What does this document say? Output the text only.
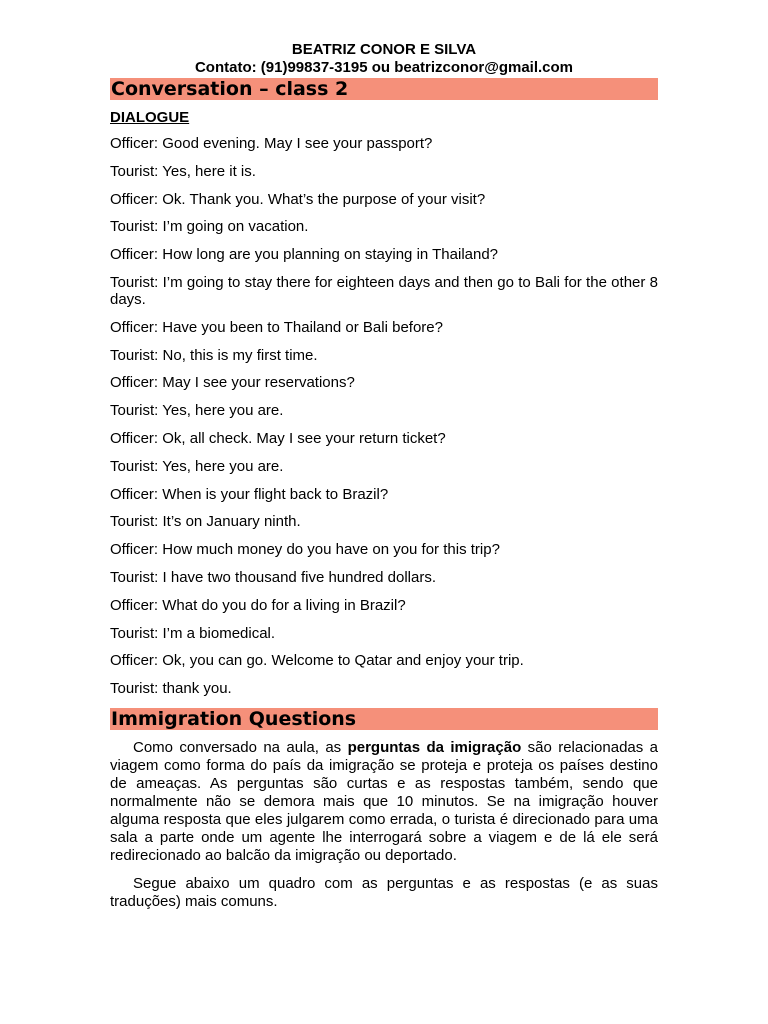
BEATRIZ CONOR E SILVA
Contato: (91)99837-3195 ou beatrizconor@gmail.com
Conversation – class 2
DIALOGUE
Officer: Good evening. May I see your passport?
Tourist: Yes, here it is.
Officer: Ok. Thank you. What’s the purpose of your visit?
Tourist: I’m going on vacation.
Officer: How long are you planning on staying in Thailand?
Tourist: I’m going to stay there for eighteen days and then go to Bali for the other 8 days.
Officer: Have you been to Thailand or Bali before?
Tourist: No, this is my first time.
Officer: May I see your reservations?
Tourist: Yes, here you are.
Officer: Ok, all check. May I see your return ticket?
Tourist: Yes, here you are.
Officer: When is your flight back to Brazil?
Tourist: It’s on January ninth.
Officer: How much money do you have on you for this trip?
Tourist: I have two thousand five hundred dollars.
Officer: What do you do for a living in Brazil?
Tourist: I’m a biomedical.
Officer: Ok, you can go. Welcome to Qatar and enjoy your trip.
Tourist: thank you.
Immigration Questions
Como conversado na aula, as perguntas da imigração são relacionadas a viagem como forma do país da imigração se proteja e proteja os países destino de ameaças. As perguntas são curtas e as respostas também, sendo que normalmente não se demora mais que 10 minutos. Se na imigração houver alguma resposta que eles julgarem como errada, o turista é direcionado para uma sala a parte onde um agente lhe interrogará sobre a viagem e de lá ele será redirecionado ao balcão da imigração ou deportado.
Segue abaixo um quadro com as perguntas e as respostas (e as suas traduções) mais comuns.
